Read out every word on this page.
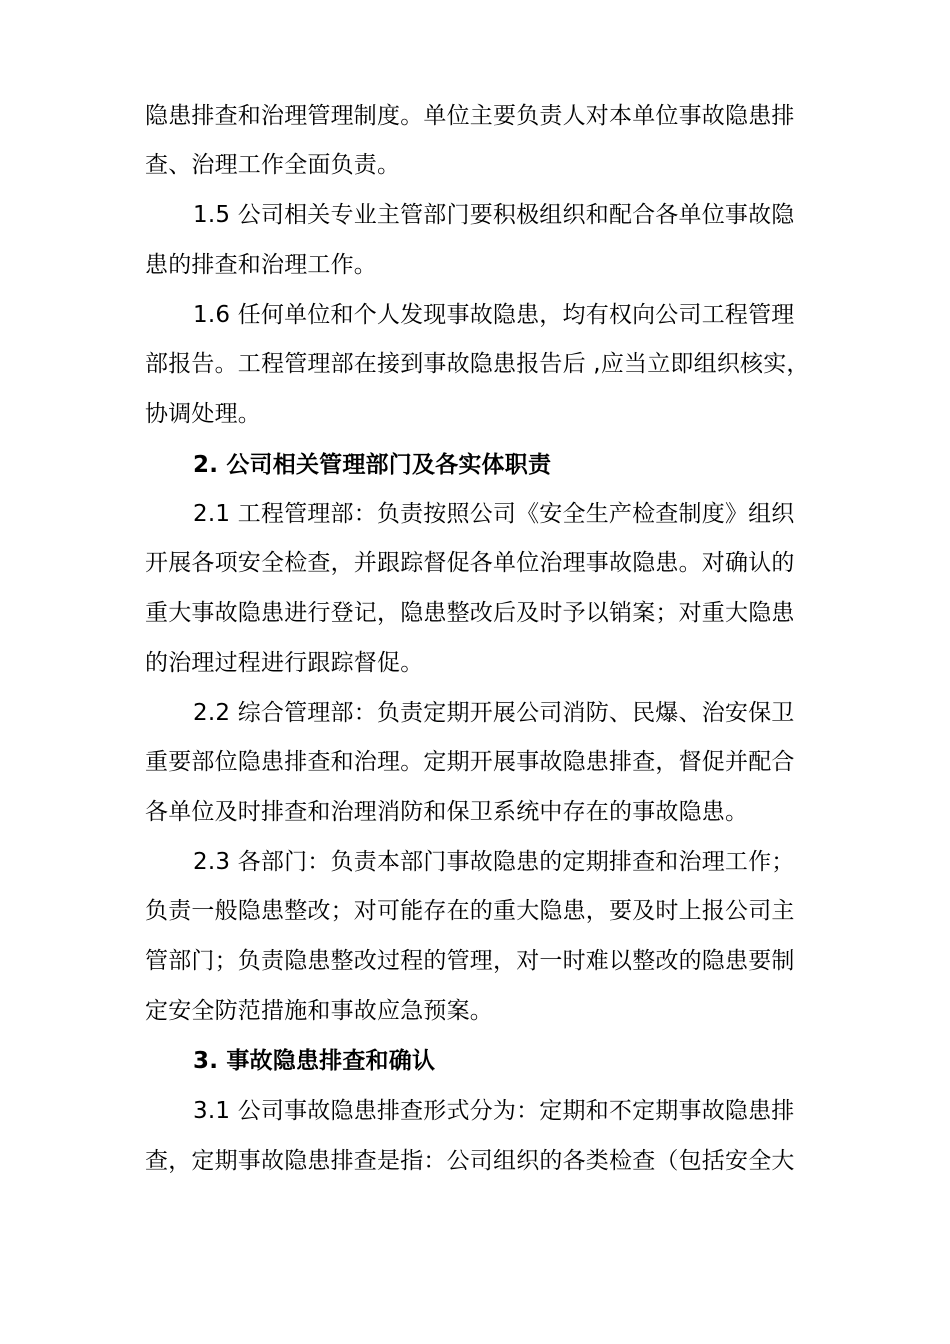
隐患排查和治理管理制度。单位主要负责人对本单位事故隐患排
查、治理工作全面负责。
1.5 公司相关专业主管部门要积极组织和配合各单位事故隐
患的排查和治理工作。
1.6 任何单位和个人发现事故隐患，均有权向公司工程管理
部报告。工程管理部在接到事故隐患报告后 ,应当立即组织核实，
协调处理。
2. 公司相关管理部门及各实体职责
2.1 工程管理部：负责按照公司《安全生产检查制度》组织
开展各项安全检查，并跟踪督促各单位治理事故隐患。对确认的
重大事故隐患进行登记，隐患整改后及时予以销案；对重大隐患
的治理过程进行跟踪督促。
2.2 综合管理部：负责定期开展公司消防、民爆、治安保卫
重要部位隐患排查和治理。定期开展事故隐患排查，督促并配合
各单位及时排查和治理消防和保卫系统中存在的事故隐患。
2.3 各部门：负责本部门事故隐患的定期排查和治理工作；
负责一般隐患整改；对可能存在的重大隐患，要及时上报公司主
管部门；负责隐患整改过程的管理，对一时难以整改的隐患要制
定安全防范措施和事故应急预案。
3. 事故隐患排查和确认
3.1 公司事故隐患排查形式分为：定期和不定期事故隐患排
查，定期事故隐患排查是指：公司组织的各类检查（包括安全大
